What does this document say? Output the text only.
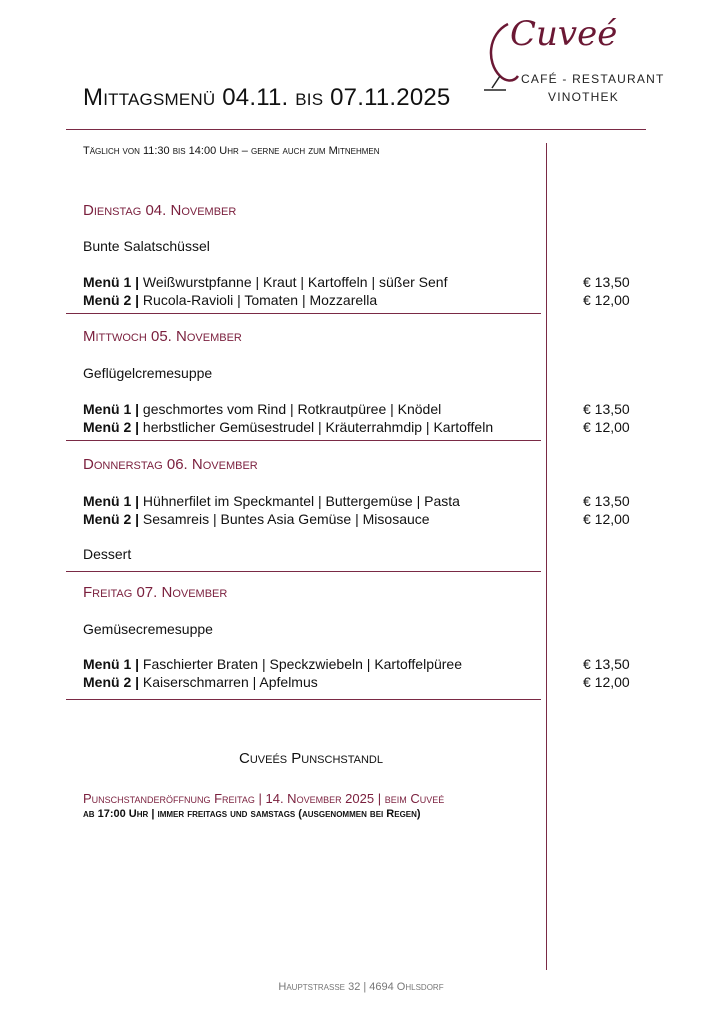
Mittagsmenü 04.11. bis 07.11.2025
Cuveé
CAFÉ - RESTAURANT
VINOTHEK
Täglich von 11:30 bis 14:00 Uhr – gerne auch zum Mitnehmen
Dienstag 04. November
Bunte Salatschüssel
Menü 1 | Weißwurstpfanne | Kraut | Kartoffeln | süßer Senf	€ 13,50
Menü 2 | Rucola-Ravioli | Tomaten | Mozzarella	€ 12,00
Mittwoch 05. November
Geflügelcremesuppe
Menü 1 | geschmortes vom Rind | Rotkrautpüree | Knödel	€ 13,50
Menü 2 | herbstlicher Gemüsestrudel | Kräuterrahmdip | Kartoffeln	€ 12,00
Donnerstag 06. November
Menü 1 | Hühnerfilet im Speckmantel | Buttergemüse | Pasta	€ 13,50
Menü 2 | Sesamreis | Buntes Asia Gemüse | Misosauce	€ 12,00
Dessert
Freitag 07. November
Gemüsecremesuppe
Menü 1 | Faschierter Braten | Speckzwiebeln | Kartoffelpüree	€ 13,50
Menü 2 | Kaiserschmarren | Apfelmus	€ 12,00
Cuveés Punschstandl
Punschstanderöffnung Freitag | 14. November 2025 | beim Cuveé
ab 17:00 Uhr | immer freitags und samstags (ausgenommen bei Regen)
Hauptstraße 32 | 4694 Ohlsdorf
